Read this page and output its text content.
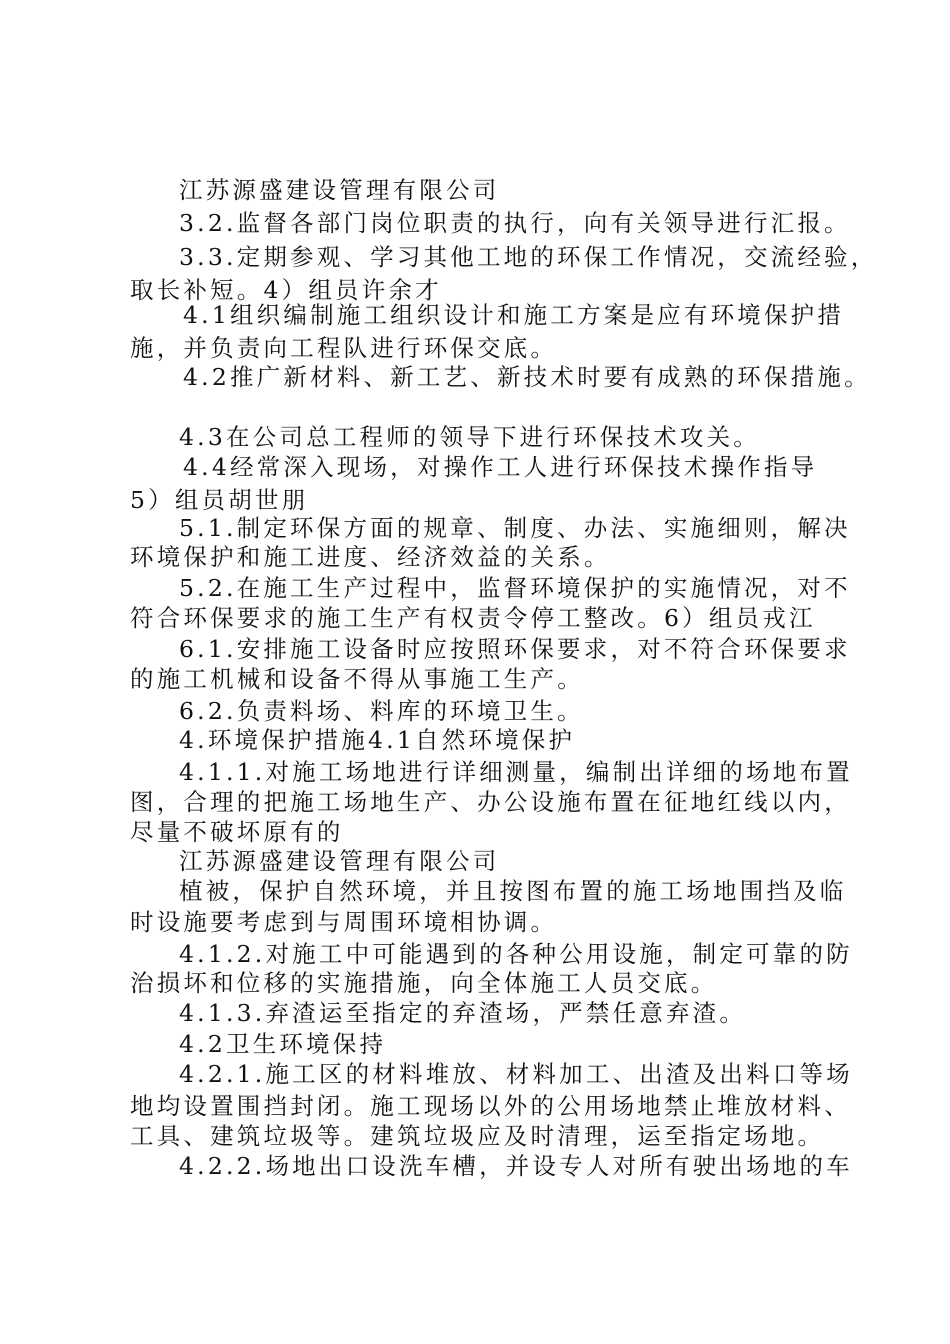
江苏源盛建设管理有限公司
3.2.监督各部门岗位职责的执行，向有关领导进行汇报。
3.3.定期参观、学习其他工地的环保工作情况，交流经验，
取长补短。4）组员许余才
4.1组织编制施工组织设计和施工方案是应有环境保护措
施，并负责向工程队进行环保交底。
4.2推广新材料、新工艺、新技术时要有成熟的环保措施。
4.3在公司总工程师的领导下进行环保技术攻关。
4.4经常深入现场，对操作工人进行环保技术操作指导
5）组员胡世朋
5.1.制定环保方面的规章、制度、办法、实施细则，解决
环境保护和施工进度、经济效益的关系。
5.2.在施工生产过程中，监督环境保护的实施情况，对不
符合环保要求的施工生产有权责令停工整改。6）组员戎江
6.1.安排施工设备时应按照环保要求，对不符合环保要求
的施工机械和设备不得从事施工生产。
6.2.负责料场、料库的环境卫生。
4.环境保护措施4.1自然环境保护
4.1.1.对施工场地进行详细测量，编制出详细的场地布置
图，合理的把施工场地生产、办公设施布置在征地红线以内，
尽量不破坏原有的
江苏源盛建设管理有限公司
植被，保护自然环境，并且按图布置的施工场地围挡及临
时设施要考虑到与周围环境相协调。
4.1.2.对施工中可能遇到的各种公用设施，制定可靠的防
治损坏和位移的实施措施，向全体施工人员交底。
4.1.3.弃渣运至指定的弃渣场，严禁任意弃渣。
4.2卫生环境保持
4.2.1.施工区的材料堆放、材料加工、出渣及出料口等场
地均设置围挡封闭。施工现场以外的公用场地禁止堆放材料、
工具、建筑垃圾等。建筑垃圾应及时清理，运至指定场地。
4.2.2.场地出口设洗车槽，并设专人对所有驶出场地的车
